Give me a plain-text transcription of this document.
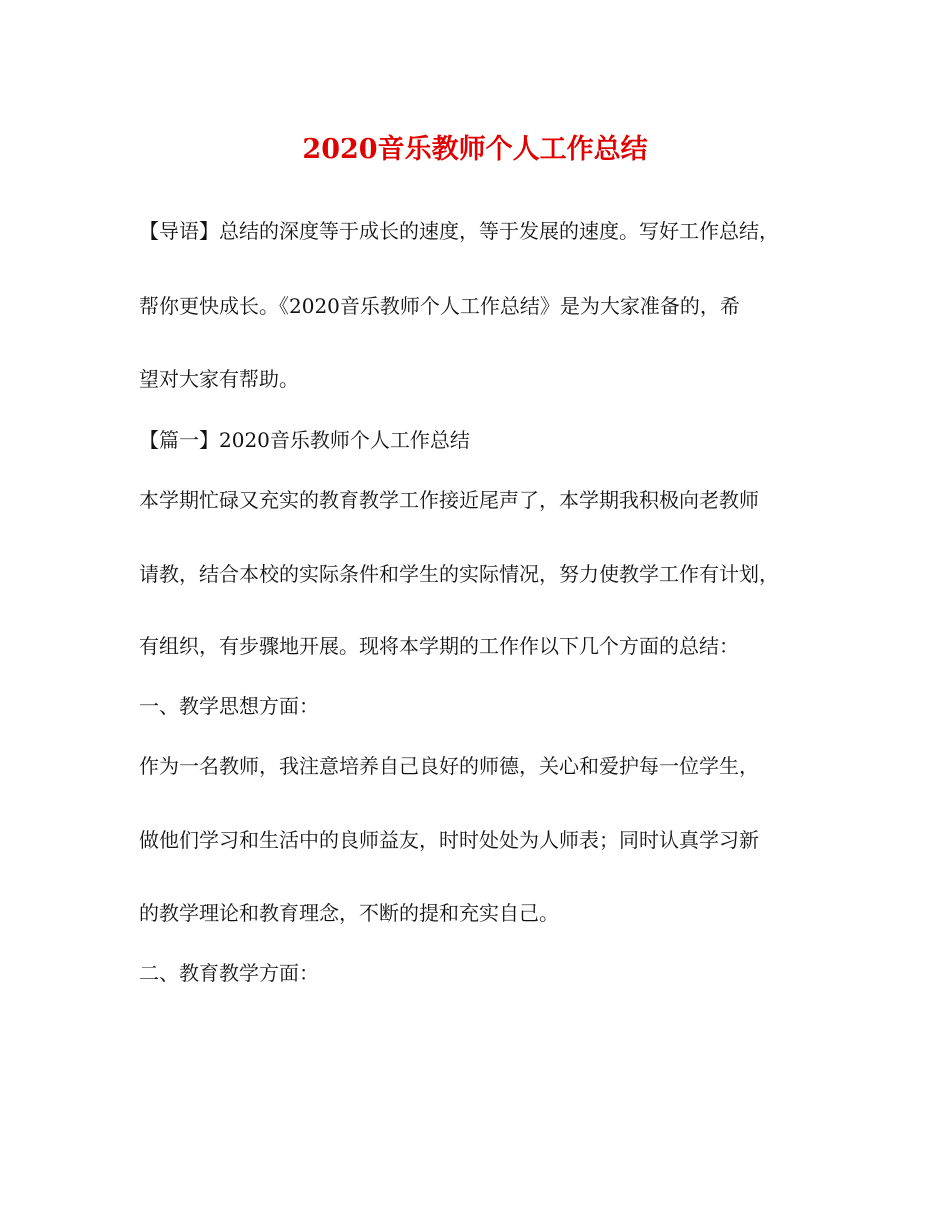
2020音乐教师个人工作总结
【导语】总结的深度等于成长的速度，等于发展的速度。写好工作总结，
帮你更快成长。《2020音乐教师个人工作总结》是为大家准备的，希
望对大家有帮助。
【篇一】2020音乐教师个人工作总结
本学期忙碌又充实的教育教学工作接近尾声了，本学期我积极向老教师
请教，结合本校的实际条件和学生的实际情况，努力使教学工作有计划，
有组织，有步骤地开展。现将本学期的工作作以下几个方面的总结：
一、教学思想方面：
作为一名教师，我注意培养自己良好的师德，关心和爱护每一位学生，
做他们学习和生活中的良师益友，时时处处为人师表；同时认真学习新
的教学理论和教育理念，不断的提和充实自己。
二、教育教学方面：
